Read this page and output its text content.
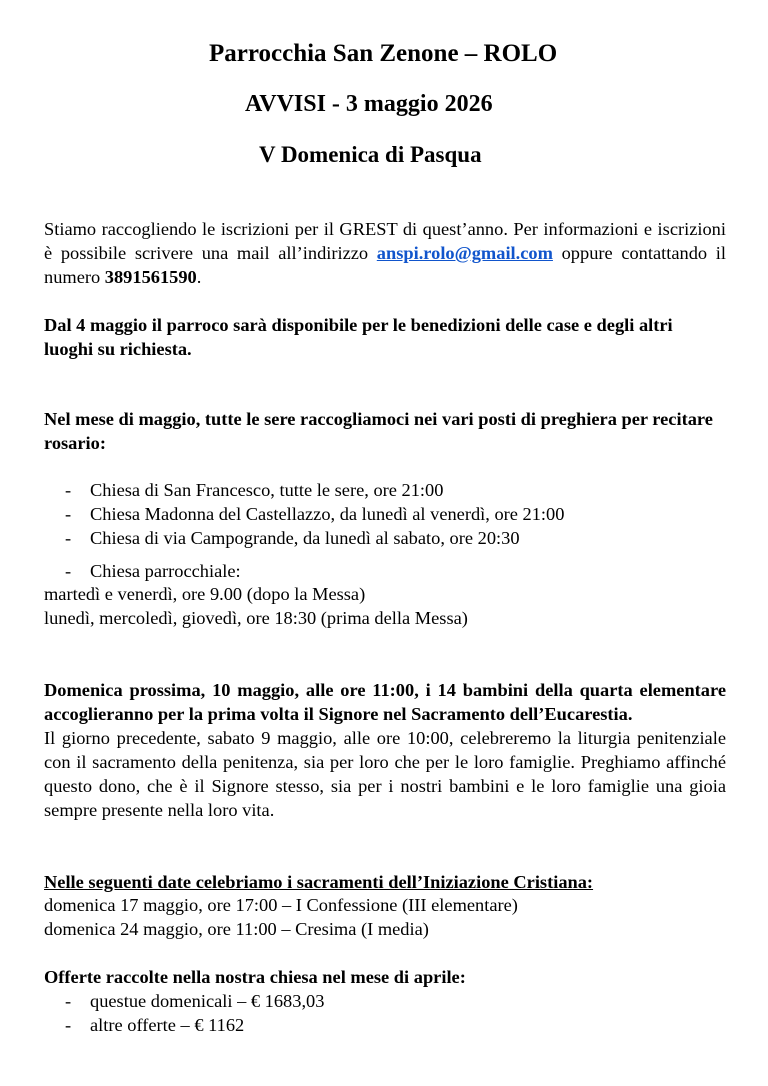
Parrocchia San Zenone – ROLO
AVVISI - 3 maggio 2026
V Domenica di Pasqua
Stiamo raccogliendo le iscrizioni per il GREST di quest’anno. Per informazioni e iscrizioni è possibile scrivere una mail all’indirizzo anspi.rolo@gmail.com oppure contattando il numero 3891561590.
Dal 4 maggio il parroco sarà disponibile per le benedizioni delle case e degli altri luoghi su richiesta.
Nel mese di maggio, tutte le sere raccogliamoci nei vari posti di preghiera per recitare rosario:
- Chiesa di San Francesco, tutte le sere, ore 21:00
- Chiesa Madonna del Castellazzo, da lunedì al venerdì, ore 21:00
- Chiesa di via Campogrande, da lunedì al sabato, ore 20:30
- Chiesa parrocchiale:
martedì e venerdì, ore 9.00 (dopo la Messa)
lunedì, mercoledì, giovedì, ore 18:30 (prima della Messa)
Domenica prossima, 10 maggio, alle ore 11:00, i 14 bambini della quarta elementare accoglieranno per la prima volta il Signore nel Sacramento dell’Eucarestia.
Il giorno precedente, sabato 9 maggio, alle ore 10:00, celebreremo la liturgia penitenziale con il sacramento della penitenza, sia per loro che per le loro famiglie. Preghiamo affinché questo dono, che è il Signore stesso, sia per i nostri bambini e le loro famiglie una gioia sempre presente nella loro vita.
Nelle seguenti date celebriamo i sacramenti dell’Iniziazione Cristiana:
domenica 17 maggio, ore 17:00 – I Confessione (III elementare)
domenica 24 maggio, ore 11:00 – Cresima (I media)
Offerte raccolte nella nostra chiesa nel mese di aprile:
- questue domenicali – € 1683,03
- altre offerte – € 1162
